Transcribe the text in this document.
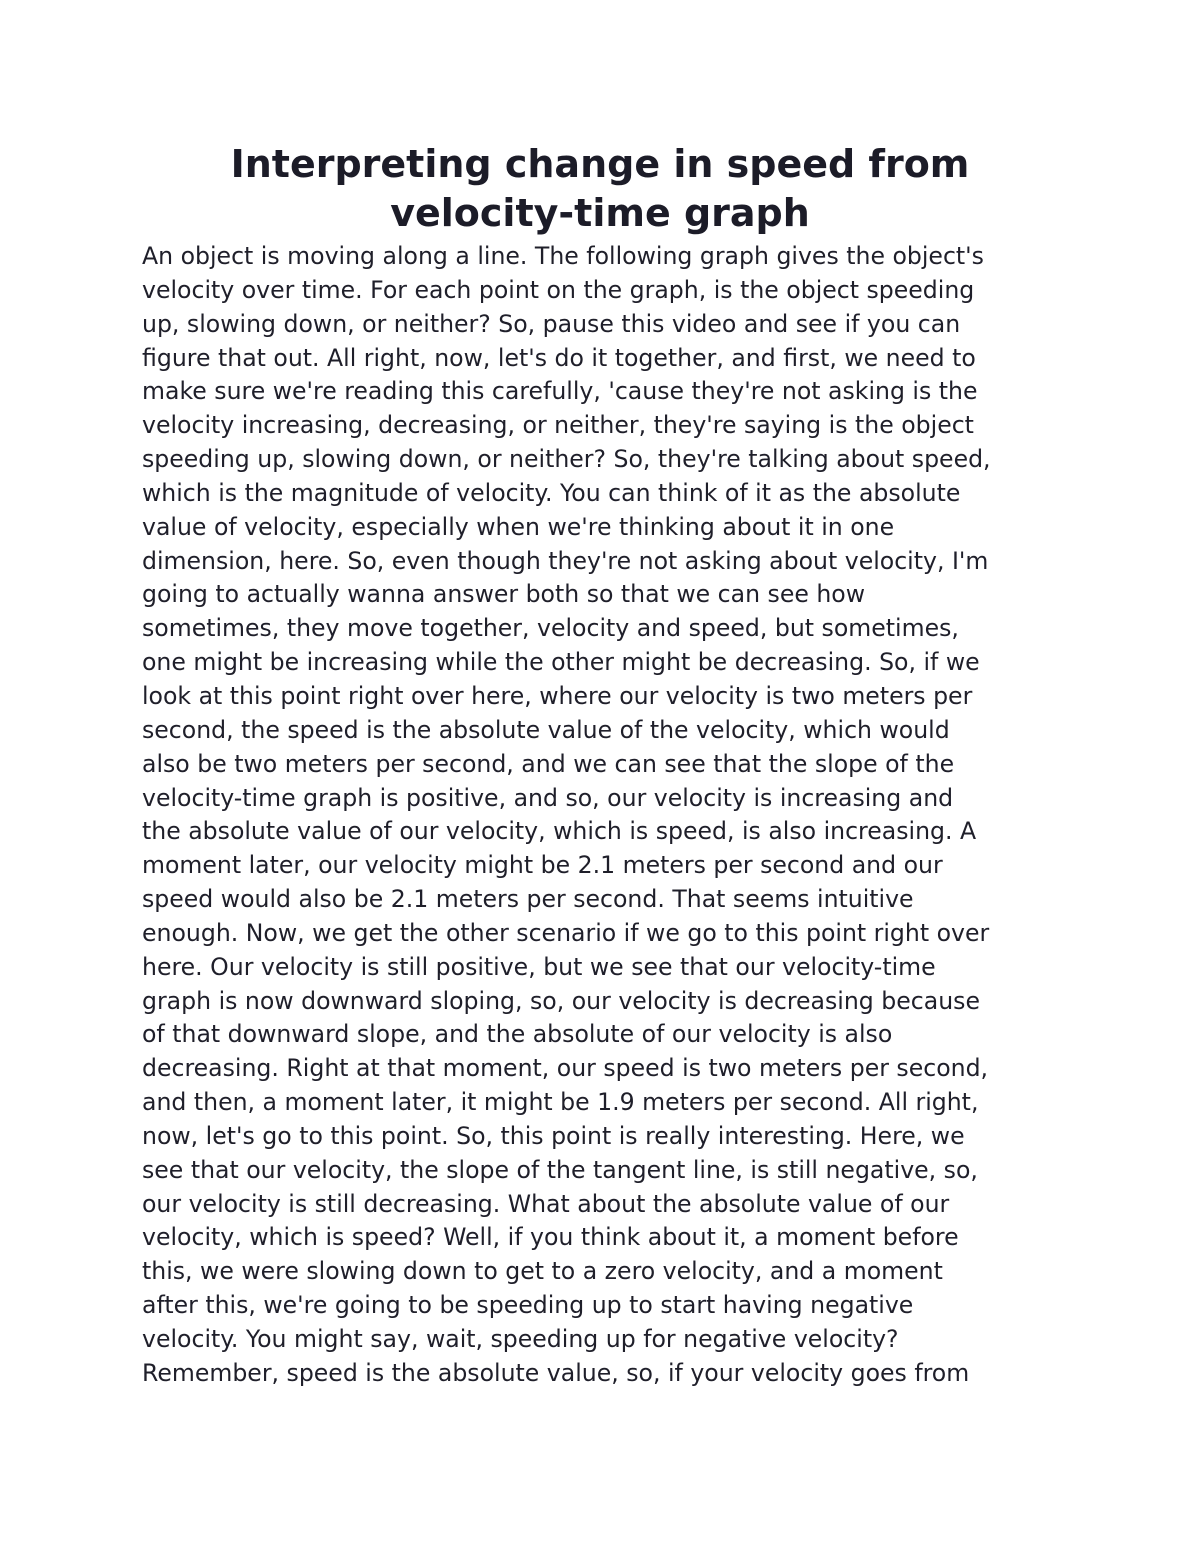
Interpreting change in speed from
velocity-time graph
An object is moving along a line. The following graph gives the object's
velocity over time. For each point on the graph, is the object speeding
up, slowing down, or neither? So, pause this video and see if you can
figure that out. All right, now, let's do it together, and first, we need to
make sure we're reading this carefully, 'cause they're not asking is the
velocity increasing, decreasing, or neither, they're saying is the object
speeding up, slowing down, or neither? So, they're talking about speed,
which is the magnitude of velocity. You can think of it as the absolute
value of velocity, especially when we're thinking about it in one
dimension, here. So, even though they're not asking about velocity, I'm
going to actually wanna answer both so that we can see how
sometimes, they move together, velocity and speed, but sometimes,
one might be increasing while the other might be decreasing. So, if we
look at this point right over here, where our velocity is two meters per
second, the speed is the absolute value of the velocity, which would
also be two meters per second, and we can see that the slope of the
velocity-time graph is positive, and so, our velocity is increasing and
the absolute value of our velocity, which is speed, is also increasing. A
moment later, our velocity might be 2.1 meters per second and our
speed would also be 2.1 meters per second. That seems intuitive
enough. Now, we get the other scenario if we go to this point right over
here. Our velocity is still positive, but we see that our velocity-time
graph is now downward sloping, so, our velocity is decreasing because
of that downward slope, and the absolute of our velocity is also
decreasing. Right at that moment, our speed is two meters per second,
and then, a moment later, it might be 1.9 meters per second. All right,
now, let's go to this point. So, this point is really interesting. Here, we
see that our velocity, the slope of the tangent line, is still negative, so,
our velocity is still decreasing. What about the absolute value of our
velocity, which is speed? Well, if you think about it, a moment before
this, we were slowing down to get to a zero velocity, and a moment
after this, we're going to be speeding up to start having negative
velocity. You might say, wait, speeding up for negative velocity?
Remember, speed is the absolute value, so, if your velocity goes from
